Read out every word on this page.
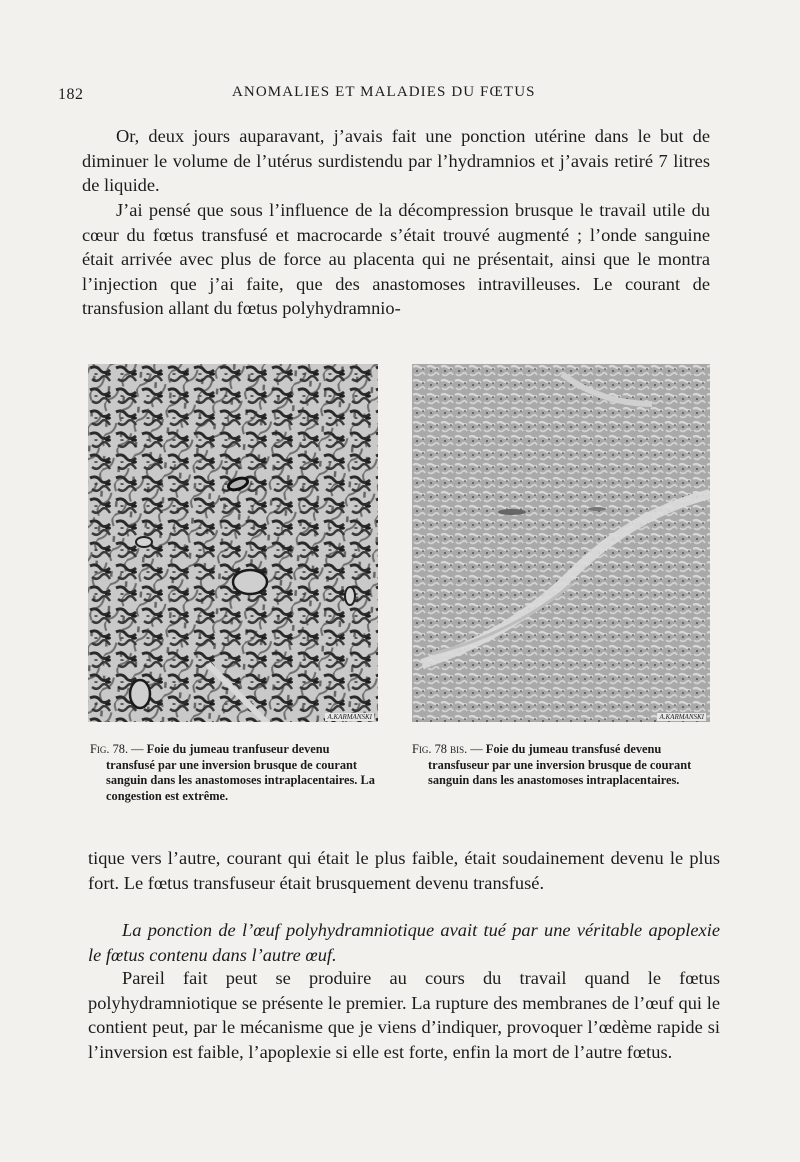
182	ANOMALIES ET MALADIES DU FŒTUS

Or, deux jours auparavant, j’avais fait une ponction utérine dans le but de diminuer le volume de l’utérus surdistendu par l’hydramnios et j’avais retiré 7 litres de liquide.

J’ai pensé que sous l’influence de la décompression brusque le travail utile du cœur du fœtus transfusé et macrocarde s’était trouvé augmenté ; l’onde sanguine était arrivée avec plus de force au placenta qui ne présentait, ainsi que le montra l’injection que j’ai faite, que des anastomoses intravilleuses. Le courant de transfusion allant du fœtus polyhydramnio-

A.KARMANSKI	A.KARMANSKI

Fig. 78. — Foie du jumeau tranfuseur devenu
transfusé par une inversion brusque de courant sanguin dans les anastomoses intraplacentaires. La congestion est extrême.

Fig. 78 bis. — Foie du jumeau transfusé devenu
transfuseur par une inversion brusque de courant sanguin dans les anastomoses intraplacentaires.

tique vers l’autre, courant qui était le plus faible, était soudainement devenu le plus fort. Le fœtus transfuseur était brusquement devenu transfusé.

La ponction de l’œuf polyhydramniotique avait tué par une véritable apoplexie le fœtus contenu dans l’autre œuf.

Pareil fait peut se produire au cours du travail quand le fœtus polyhydramniotique se présente le premier. La rupture des membranes de l’œuf qui le contient peut, par le mécanisme que je viens d’indiquer, provoquer l’œdème rapide si l’inversion est faible, l’apoplexie si elle est forte, enfin la mort de l’autre fœtus.
